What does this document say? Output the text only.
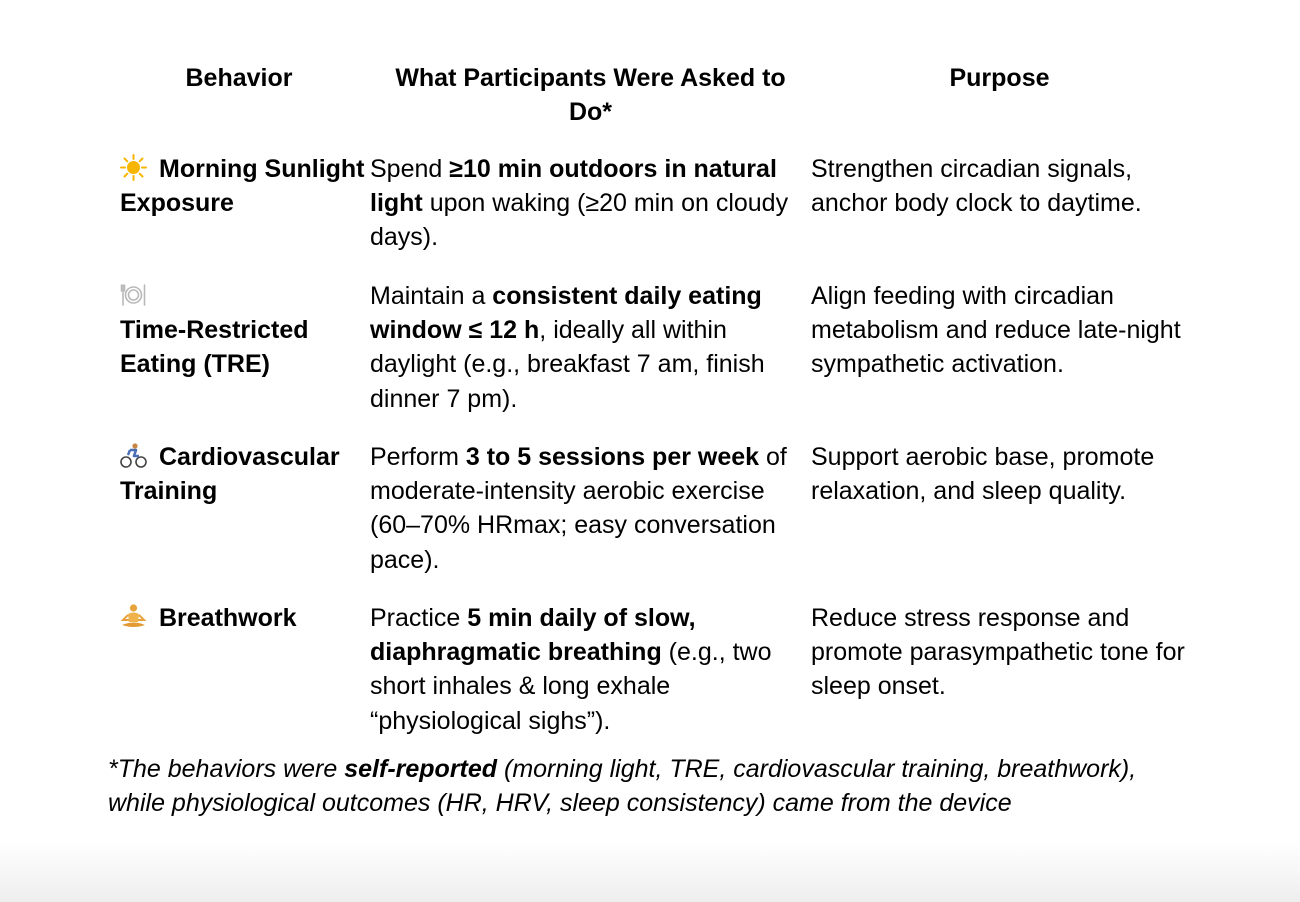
Behavior	What Participants Were Asked to Do*
Purpose
Morning Sunlight Exposure
Spend ≥10 min outdoors in natural light upon waking (≥20 min on cloudy days).
Strengthen circadian signals, anchor body clock to daytime.

Time-Restricted Eating (TRE)
Maintain a consistent daily eating window ≤ 12 h, ideally all within daylight (e.g., breakfast 7 am, finish dinner 7 pm).
Align feeding with circadian metabolism and reduce late-night sympathetic activation.
Cardiovascular Training
Perform 3 to 5 sessions per week of moderate-intensity aerobic exercise (60–70% HRmax; easy conversation pace).
Support aerobic base, promote relaxation, and sleep quality.
Breathwork	Practice 5 min daily of slow, diaphragmatic breathing (e.g., two short inhales & long exhale “physiological sighs”).
Reduce stress response and promote parasympathetic tone for sleep onset.
*The behaviors were self-reported (morning light, TRE, cardiovascular training, breathwork), while physiological outcomes (HR, HRV, sleep consistency) came from the device
